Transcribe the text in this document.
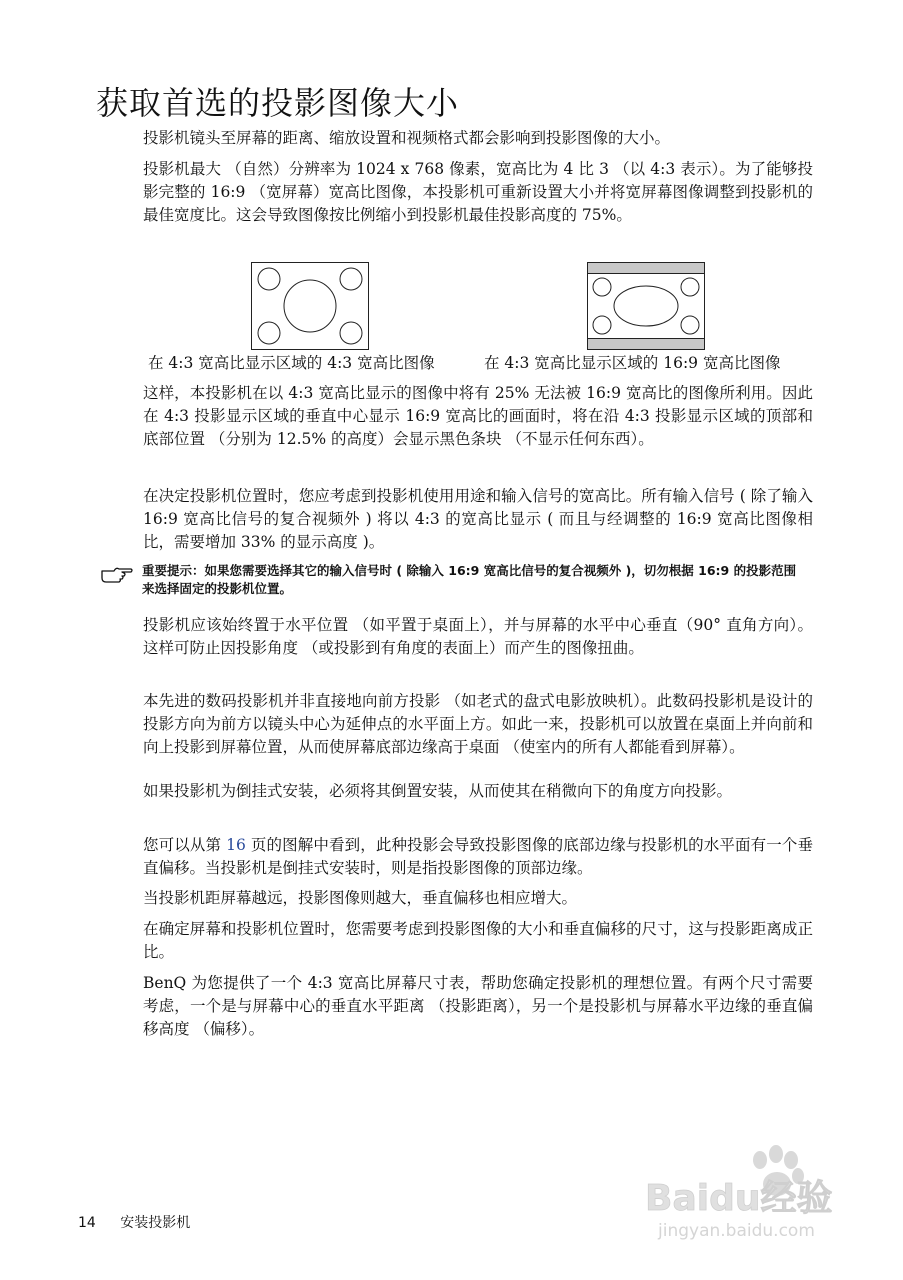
获取首选的投影图像大小
投影机镜头至屏幕的距离、缩放设置和视频格式都会影响到投影图像的大小。
投影机最大 （自然）分辨率为 1024 x 768 像素，宽高比为 4 比 3 （以 4:3 表示）。为了能够投影完整的 16:9 （宽屏幕）宽高比图像，本投影机可重新设置大小并将宽屏幕图像调整到投影机的最佳宽度比。这会导致图像按比例缩小到投影机最佳投影高度的 75%。
在 4:3 宽高比显示区域的 4:3 宽高比图像	在 4:3 宽高比显示区域的 16:9 宽高比图像
这样，本投影机在以 4:3 宽高比显示的图像中将有 25% 无法被 16:9 宽高比的图像所利用。因此在 4:3 投影显示区域的垂直中心显示 16:9 宽高比的画面时，将在沿 4:3 投影显示区域的顶部和底部位置 （分别为 12.5% 的高度）会显示黑色条块 （不显示任何东西）。
在决定投影机位置时，您应考虑到投影机使用用途和输入信号的宽高比。所有输入信号 ( 除了输入 16:9 宽高比信号的复合视频外 ) 将以 4:3 的宽高比显示 ( 而且与经调整的 16:9 宽高比图像相比，需要增加 33% 的显示高度 )。
重要提示：如果您需要选择其它的输入信号时 ( 除输入 16:9 宽高比信号的复合视频外 )，切勿根据 16:9 的投影范围来选择固定的投影机位置。
投影机应该始终置于水平位置 （如平置于桌面上），并与屏幕的水平中心垂直（90° 直角方向）。这样可防止因投影角度 （或投影到有角度的表面上）而产生的图像扭曲。
本先进的数码投影机并非直接地向前方投影 （如老式的盘式电影放映机）。此数码投影机是设计的投影方向为前方以镜头中心为延伸点的水平面上方。如此一来，投影机可以放置在桌面上并向前和向上投影到屏幕位置，从而使屏幕底部边缘高于桌面 （使室内的所有人都能看到屏幕）。
如果投影机为倒挂式安装，必须将其倒置安装，从而使其在稍微向下的角度方向投影。
您可以从第 16 页的图解中看到，此种投影会导致投影图像的底部边缘与投影机的水平面有一个垂直偏移。当投影机是倒挂式安装时，则是指投影图像的顶部边缘。
当投影机距屏幕越远，投影图像则越大，垂直偏移也相应增大。
在确定屏幕和投影机位置时，您需要考虑到投影图像的大小和垂直偏移的尺寸，这与投影距离成正比。
BenQ 为您提供了一个 4:3 宽高比屏幕尺寸表，帮助您确定投影机的理想位置。有两个尺寸需要考虑，一个是与屏幕中心的垂直水平距离 （投影距离），另一个是投影机与屏幕水平边缘的垂直偏移高度 （偏移）。
14 安装投影机
Baidu经验
jingyan.baidu.com
